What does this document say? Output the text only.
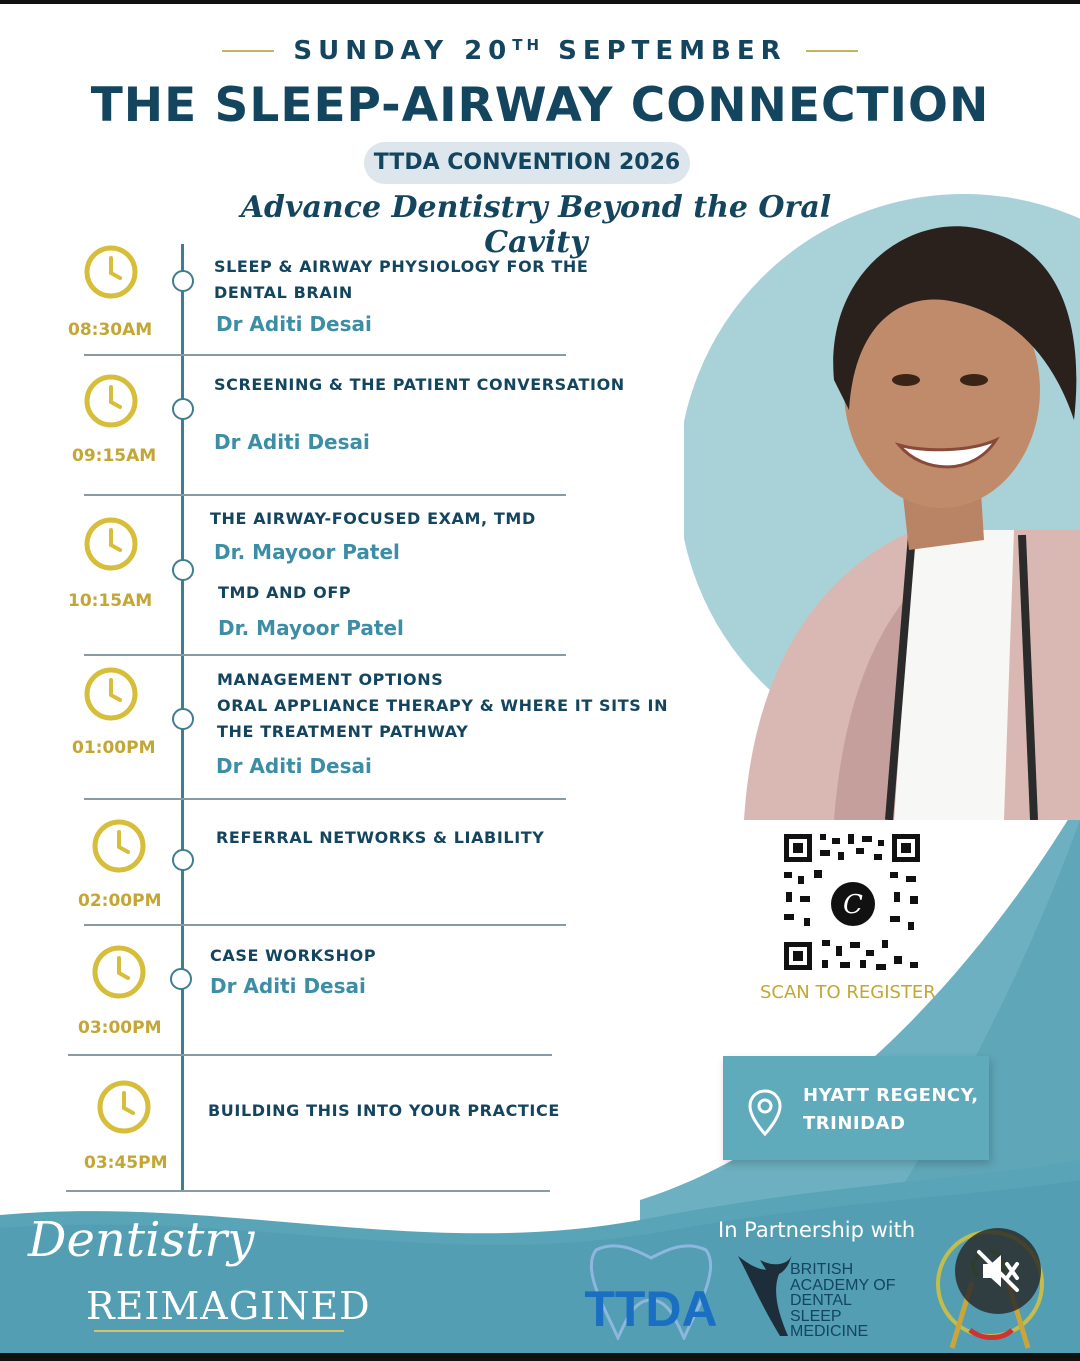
SUNDAY 20TH SEPTEMBER
THE SLEEP-AIRWAY CONNECTION
TTDA CONVENTION 2026
Advance Dentistry Beyond the Oral Cavity
08:30AM
SLEEP & AIRWAY PHYSIOLOGY FOR THE
DENTAL BRAIN
Dr Aditi Desai
09:15AM
SCREENING & THE PATIENT CONVERSATION
Dr Aditi Desai
10:15AM
THE AIRWAY-FOCUSED EXAM, TMD
Dr. Mayoor Patel
TMD AND OFP
Dr. Mayoor Patel
01:00PM
MANAGEMENT OPTIONS
ORAL APPLIANCE THERAPY & WHERE IT SITS IN
THE TREATMENT PATHWAY
Dr Aditi Desai
02:00PM
REFERRAL NETWORKS & LIABILITY
03:00PM
CASE WORKSHOP
Dr Aditi Desai
03:45PM
BUILDING THIS INTO YOUR PRACTICE
C
SCAN TO REGISTER
HYATT REGENCY,
TRINIDAD
Dentistry
REIMAGINED
In Partnership with
TTDA
BRITISH
ACADEMY OF
DENTAL
SLEEP
MEDICINE
